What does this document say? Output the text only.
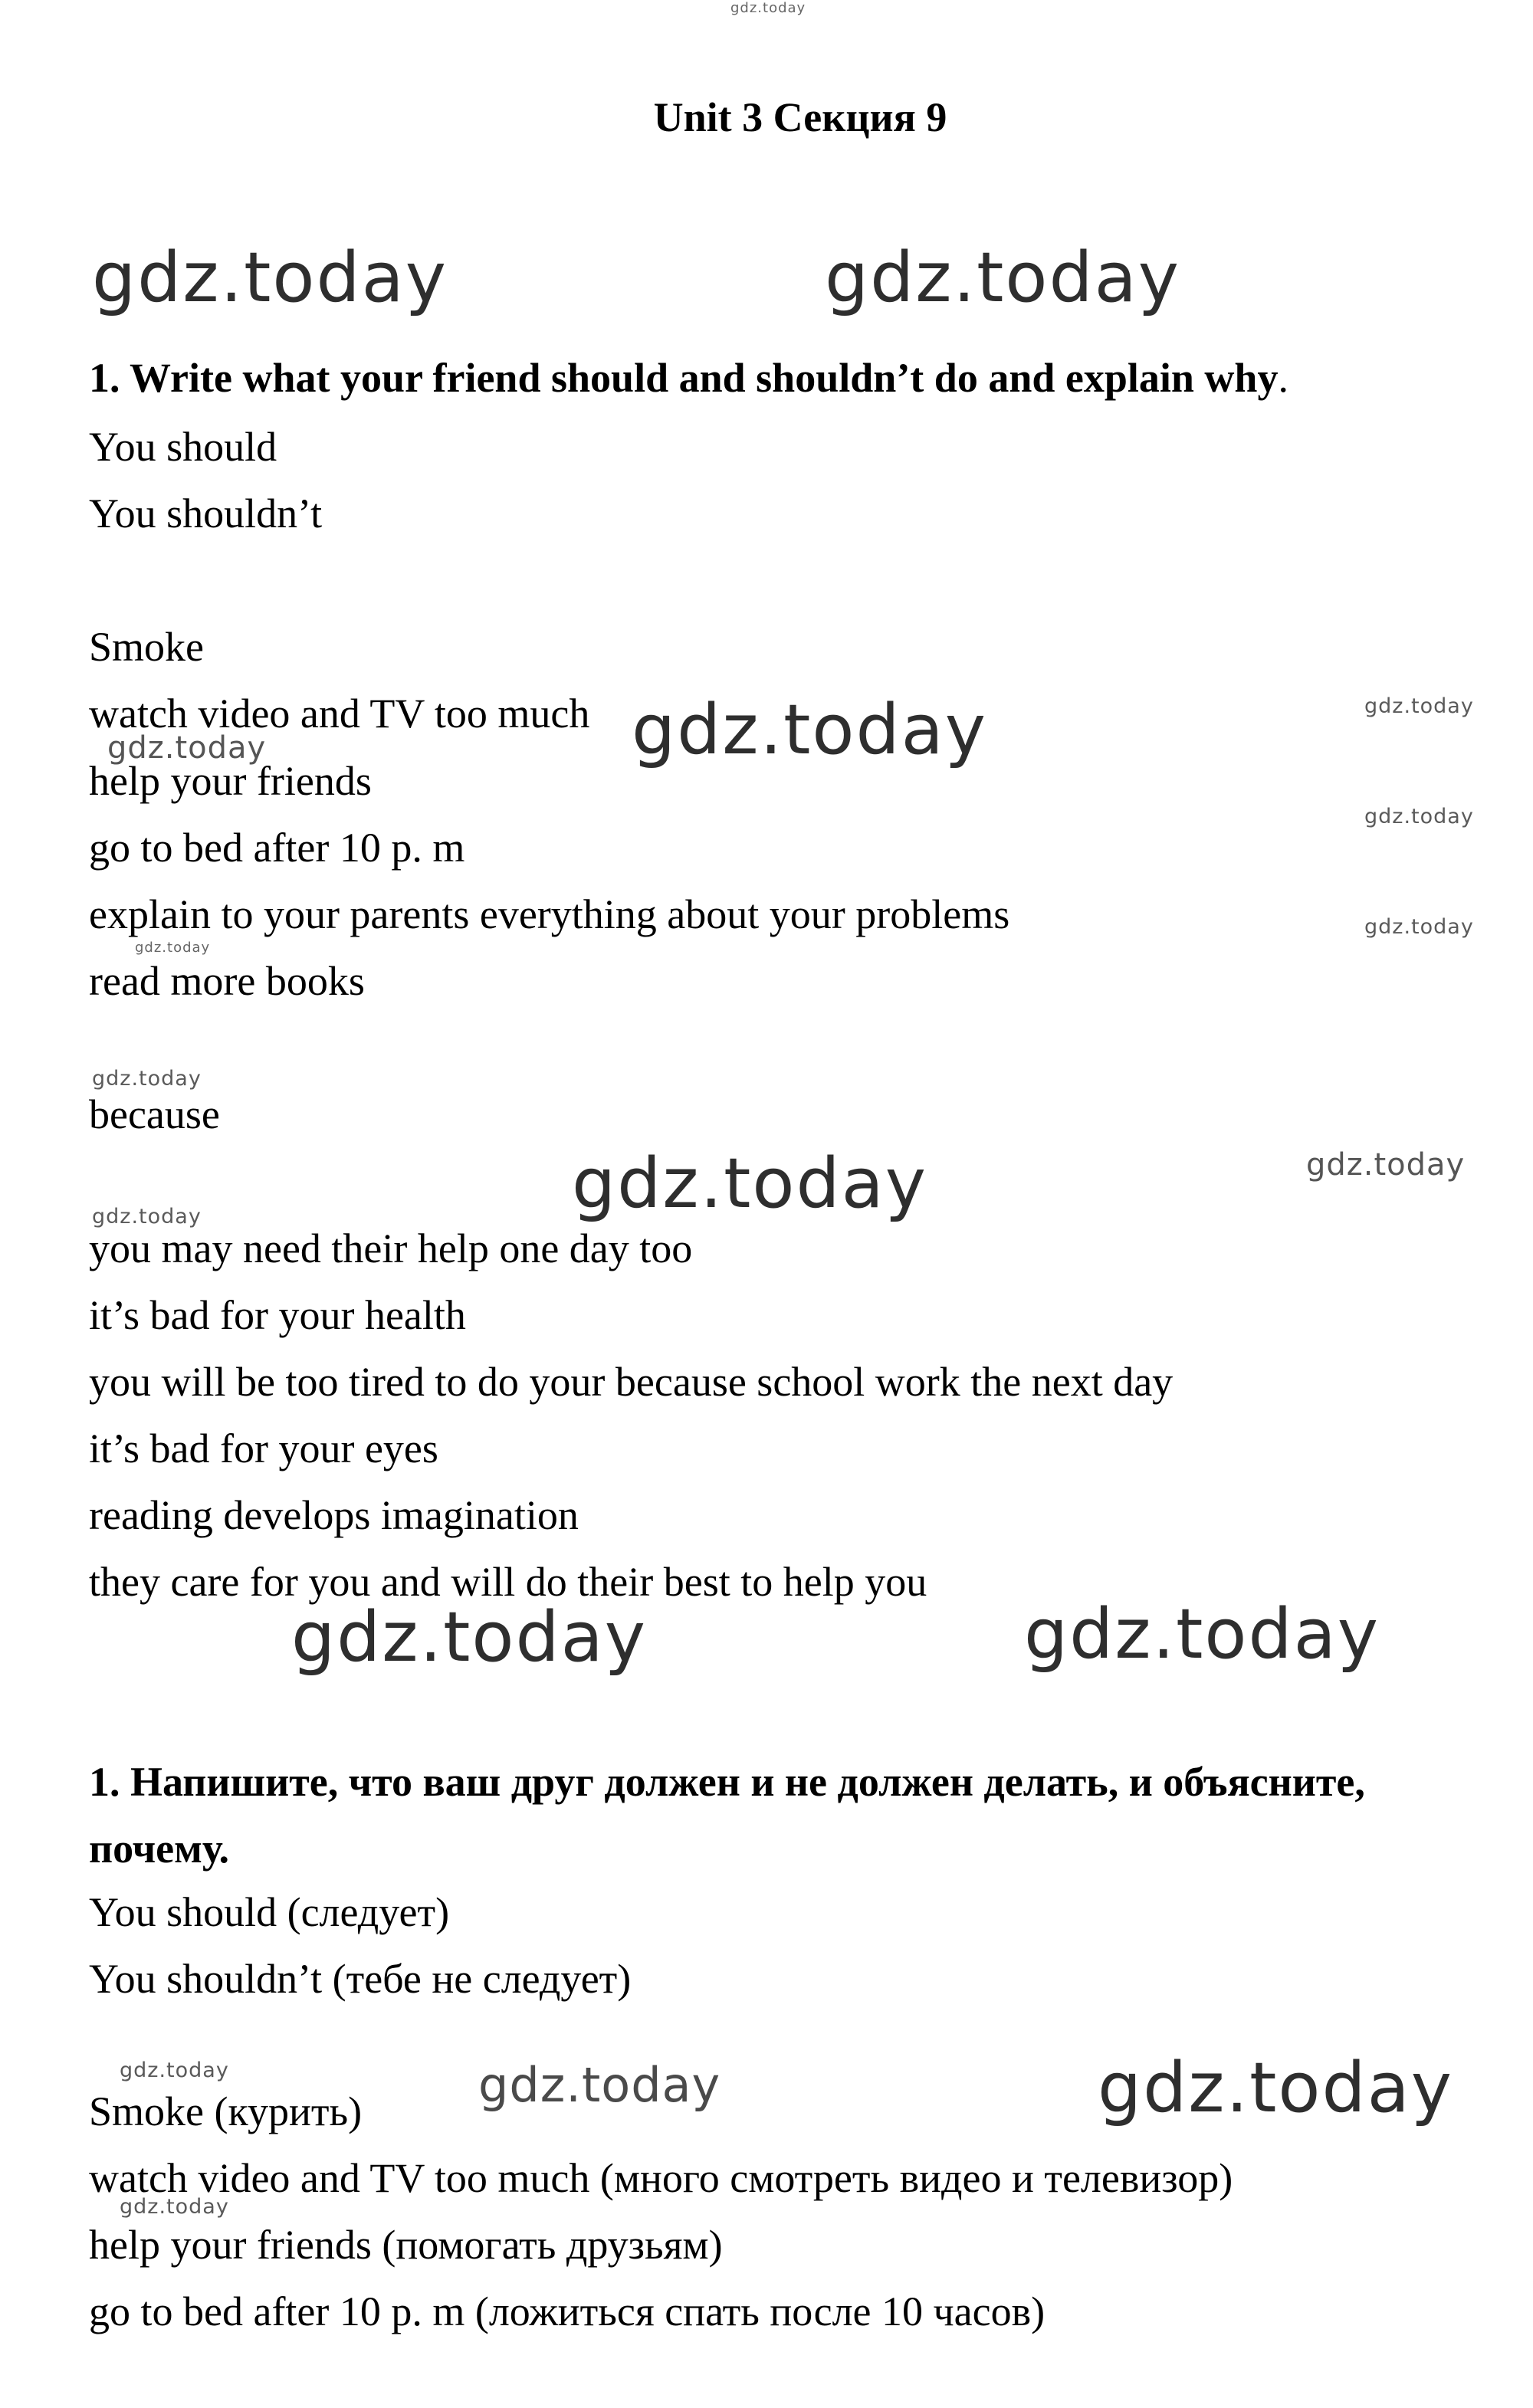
Unit 3 Секция 9
1. Write what your friend should and shouldn’t do and explain why.
You should
You shouldn’t
Smoke
watch video and TV too much
help your friends
go to bed after 10 p. m
explain to your parents everything about your problems
read more books
because
you may need their help one day too
it’s bad for your health
you will be too tired to do your because school work the next day
it’s bad for your eyes
reading develops imagination
they care for you and will do their best to help you
1. Напишите, что ваш друг должен и не должен делать, и объясните,
почему.
You should (следует)
You shouldn’t (тебе не следует)
Smoke (курить)
watch video and TV too much (много смотреть видео и телевизор)
help your friends (помогать друзьям)
go to bed after 10 p. m (ложиться спать после 10 часов)
gdz.today
gdz.today	gdz.today
gdz.today
gdz.today
gdz.today
gdz.today
gdz.today
gdz.today
gdz.today
gdz.today	gdz.today
gdz.today
gdz.today	gdz.today
gdz.today	gdz.today	gdz.today
gdz.today
